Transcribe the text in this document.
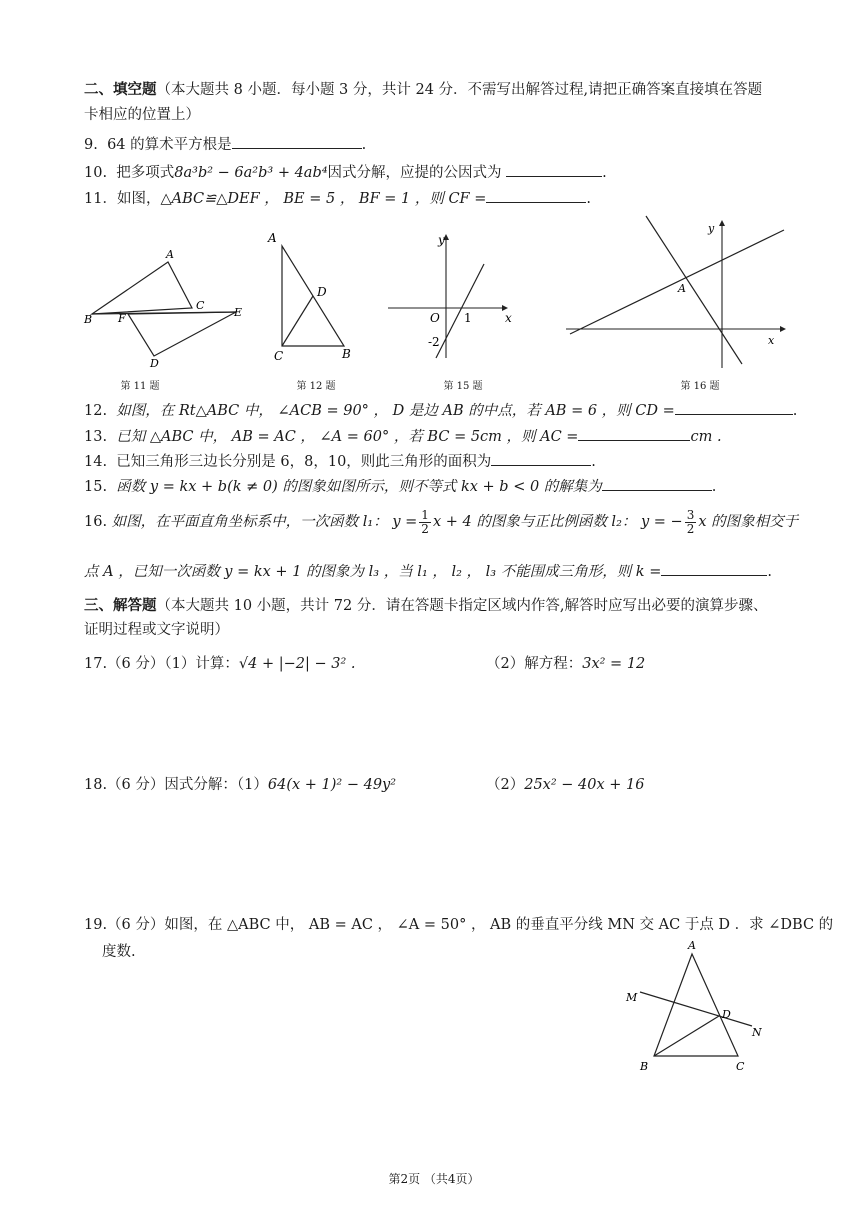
二、填空题（本大题共 8 小题．每小题 3 分，共计 24 分．不需写出解答过程,请把正确答案直接填在答题
卡相应的位置上）
9. 64 的算术平方根是	.
10. 把多项式8a³b² − 6a²b³ + 4ab⁴因式分解，应提的公因式为	.
11．如图，△ABC≌△DEF ， BE = 5 ， BF = 1 ，则 CF =	.
A
B
C
D
E
F
第 11 题
A
C	B
D
第 12 题
y
x
O 1
-2
第 15 题
y
x
A
第 16 题
12. 如图，在 Rt△ABC 中， ∠ACB = 90° ， D 是边 AB 的中点，若 AB = 6 ，则 CD =	.
13. 已知 △ABC 中， AB = AC ， ∠A = 60° ，若 BC = 5cm ，则 AC =	cm .
14. 已知三角形三边长分别是 6，8，10，则此三角形的面积为	.
15. 函数 y = kx + b(k ≠ 0) 的图象如图所示，则不等式 kx + b < 0 的解集为	.
16. 如图，在平面直角坐标系中，一次函数 l₁： $y = \frac{1}{2}$ x + 4 的图象与正比例函数 l₂： y = − $\frac{3}{2}$ x 的图象相交于
点 A ，已知一次函数 y = kx + 1 的图象为 l₃ ，当 l₁ ， l₂ ， l₃ 不能围成三角形，则 k =	.
三、解答题（本大题共 10 小题，共计 72 分．请在答题卡指定区域内作答,解答时应写出必要的演算步骤、
证明过程或文字说明）
17.（6 分）（1）计算：√4 + |−2| − 3² .	（2）解方程：3x² = 12
18.（6 分）因式分解：（1）64(x + 1)² − 49y²	（2）25x² − 40x + 16
19.（6 分）如图，在 △ABC 中， AB = AC ， ∠A = 50° ， AB 的垂直平分线 MN 交 AC 于点 D ．求 ∠DBC 的
度数.	A
B	C
D
M
N
第2页 （共4页）
